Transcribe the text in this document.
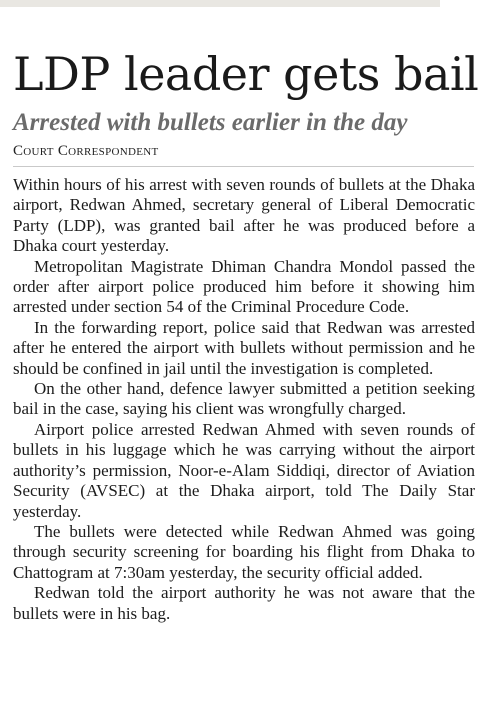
LDP leader gets bail
Arrested with bullets earlier in the day
Court Correspondent

Within hours of his arrest with seven rounds of bullets at the Dhaka airport, Redwan Ahmed, secretary general of Liberal Democratic Party (LDP), was granted bail after he was produced before a Dhaka court yesterday.

Metropolitan Magistrate Dhiman Chandra Mondol passed the order after airport police produced him before it showing him arrested under section 54 of the Criminal Procedure Code.

In the forwarding report, police said that Redwan was arrested after he entered the airport with bullets without permission and he should be confined in jail until the investigation is completed.

On the other hand, defence lawyer submitted a petition seeking bail in the case, saying his client was wrongfully charged.

Airport police arrested Redwan Ahmed with seven rounds of bullets in his luggage which he was carrying without the airport authority’s permission, Noor-e-Alam Siddiqi, director of Aviation Security (AVSEC) at the Dhaka airport, told The Daily Star yesterday.

The bullets were detected while Redwan Ahmed was going through security screening for boarding his flight from Dhaka to Chattogram at 7:30am yesterday, the security official added.

Redwan told the airport authority he was not aware that the bullets were in his bag.
